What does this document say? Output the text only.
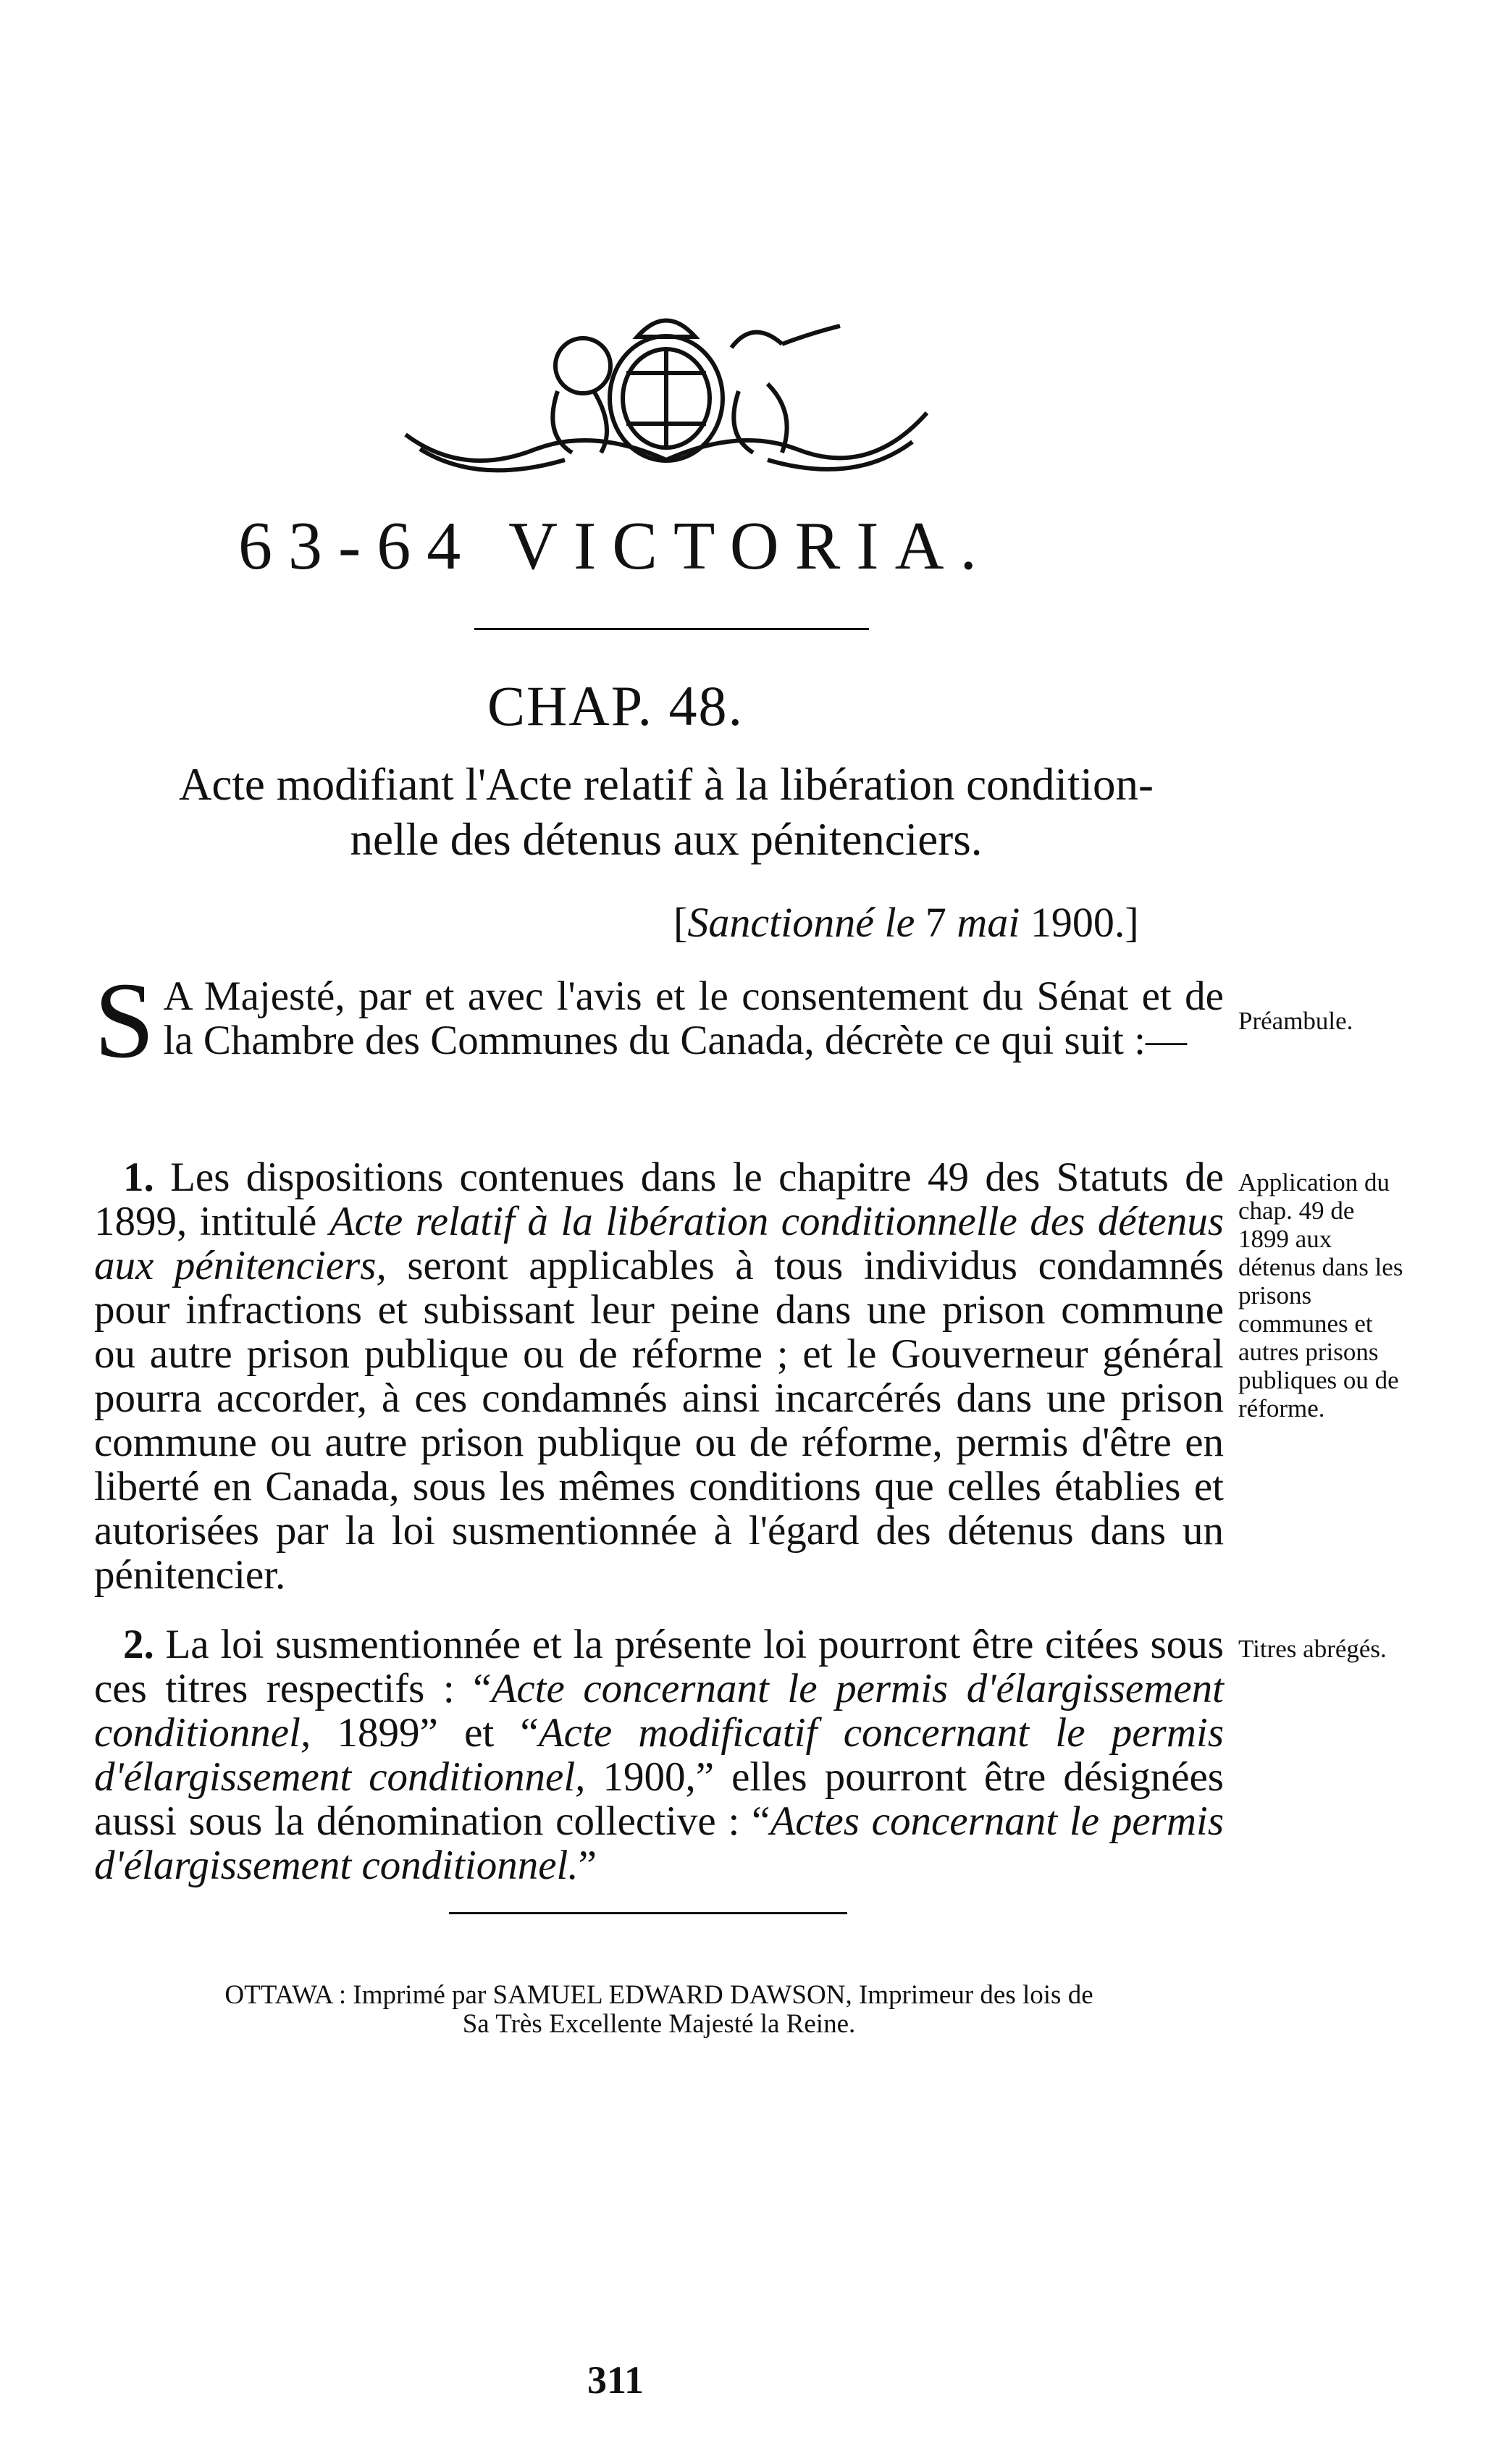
63-64 VICTORIA.
CHAP. 48.
Acte modifiant l'Acte relatif à la libération condition-
nelle des détenus aux pénitenciers.
[Sanctionné le 7 mai 1900.]
S A Majesté, par et avec l'avis et le consentement du Sénat et de la Chambre des Communes du Canada, décrète ce qui suit :—	Préambule.
1. Les dispositions contenues dans le chapitre 49 des Statuts de 1899, intitulé Acte relatif à la libération conditionnelle des détenus aux pénitenciers, seront applicables à tous individus condamnés pour infractions et subissant leur peine dans une prison commune ou autre prison publique ou de réforme ; et le Gouverneur général pourra accorder, à ces condamnés ainsi incarcérés dans une prison commune ou autre prison publique ou de réforme, permis d'être en liberté en Canada, sous les mêmes conditions que celles établies et autorisées par la loi susmentionnée à l'égard des détenus dans un pénitencier.
Application du chap. 49 de 1899 aux détenus dans les prisons communes et autres prisons publiques ou de réforme.
2. La loi susmentionnée et la présente loi pourront être citées sous ces titres respectifs : “Acte concernant le permis d'élargissement conditionnel, 1899” et “Acte modificatif concernant le permis d'élargissement conditionnel, 1900,” elles pourront être désignées aussi sous la dénomination collective : “Actes concernant le permis d'élargissement conditionnel.”
Titres abrégés.
OTTAWA : Imprimé par SAMUEL EDWARD DAWSON, Imprimeur des lois de
Sa Très Excellente Majesté la Reine.
311
